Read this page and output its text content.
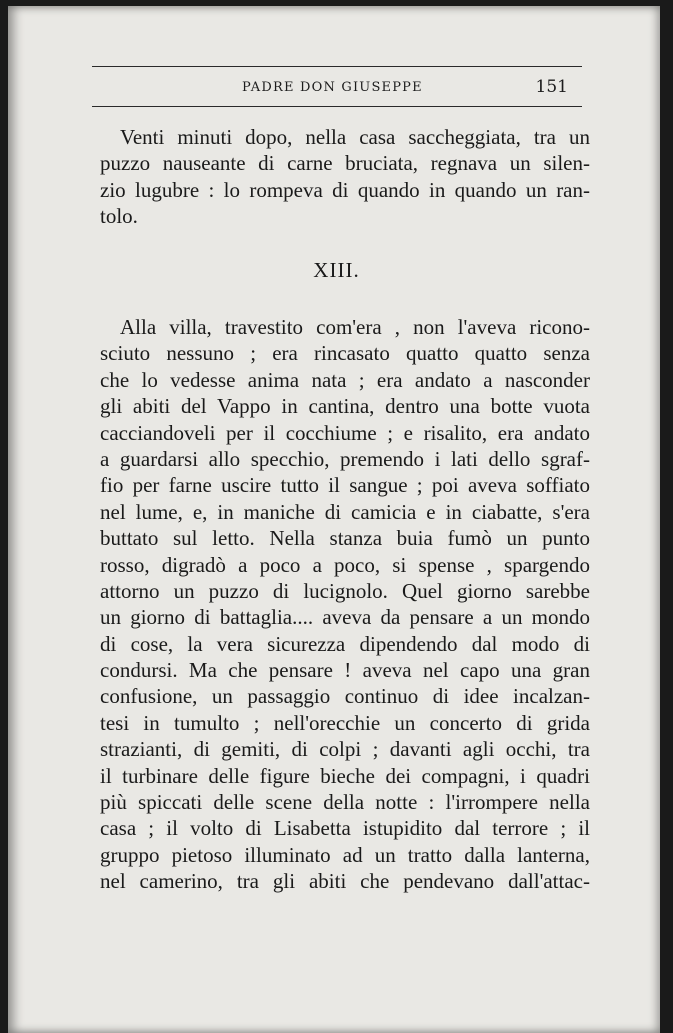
PADRE DON GIUSEPPE	151
Venti minuti dopo, nella casa saccheggiata, tra un
puzzo nauseante di carne bruciata, regnava un silen-
zio lugubre : lo rompeva di quando in quando un ran-
tolo.
XIII.
Alla villa, travestito com'era , non l'aveva ricono-
sciuto nessuno ; era rincasato quatto quatto senza
che lo vedesse anima nata ; era andato a nasconder
gli abiti del Vappo in cantina, dentro una botte vuota
cacciandoveli per il cocchiume ; e risalito, era andato
a guardarsi allo specchio, premendo i lati dello sgraf-
fio per farne uscire tutto il sangue ; poi aveva soffiato
nel lume, e, in maniche di camicia e in ciabatte, s'era
buttato sul letto. Nella stanza buia fumò un punto
rosso, digradò a poco a poco, si spense , spargendo
attorno un puzzo di lucignolo. Quel giorno sarebbe
un giorno di battaglia.... aveva da pensare a un mondo
di cose, la vera sicurezza dipendendo dal modo di
condursi. Ma che pensare ! aveva nel capo una gran
confusione, un passaggio continuo di idee incalzan-
tesi in tumulto ; nell'orecchie un concerto di grida
strazianti, di gemiti, di colpi ; davanti agli occhi, tra
il turbinare delle figure bieche dei compagni, i quadri
più spiccati delle scene della notte : l'irrompere nella
casa ; il volto di Lisabetta istupidito dal terrore ; il
gruppo pietoso illuminato ad un tratto dalla lanterna,
nel camerino, tra gli abiti che pendevano dall'attac-
